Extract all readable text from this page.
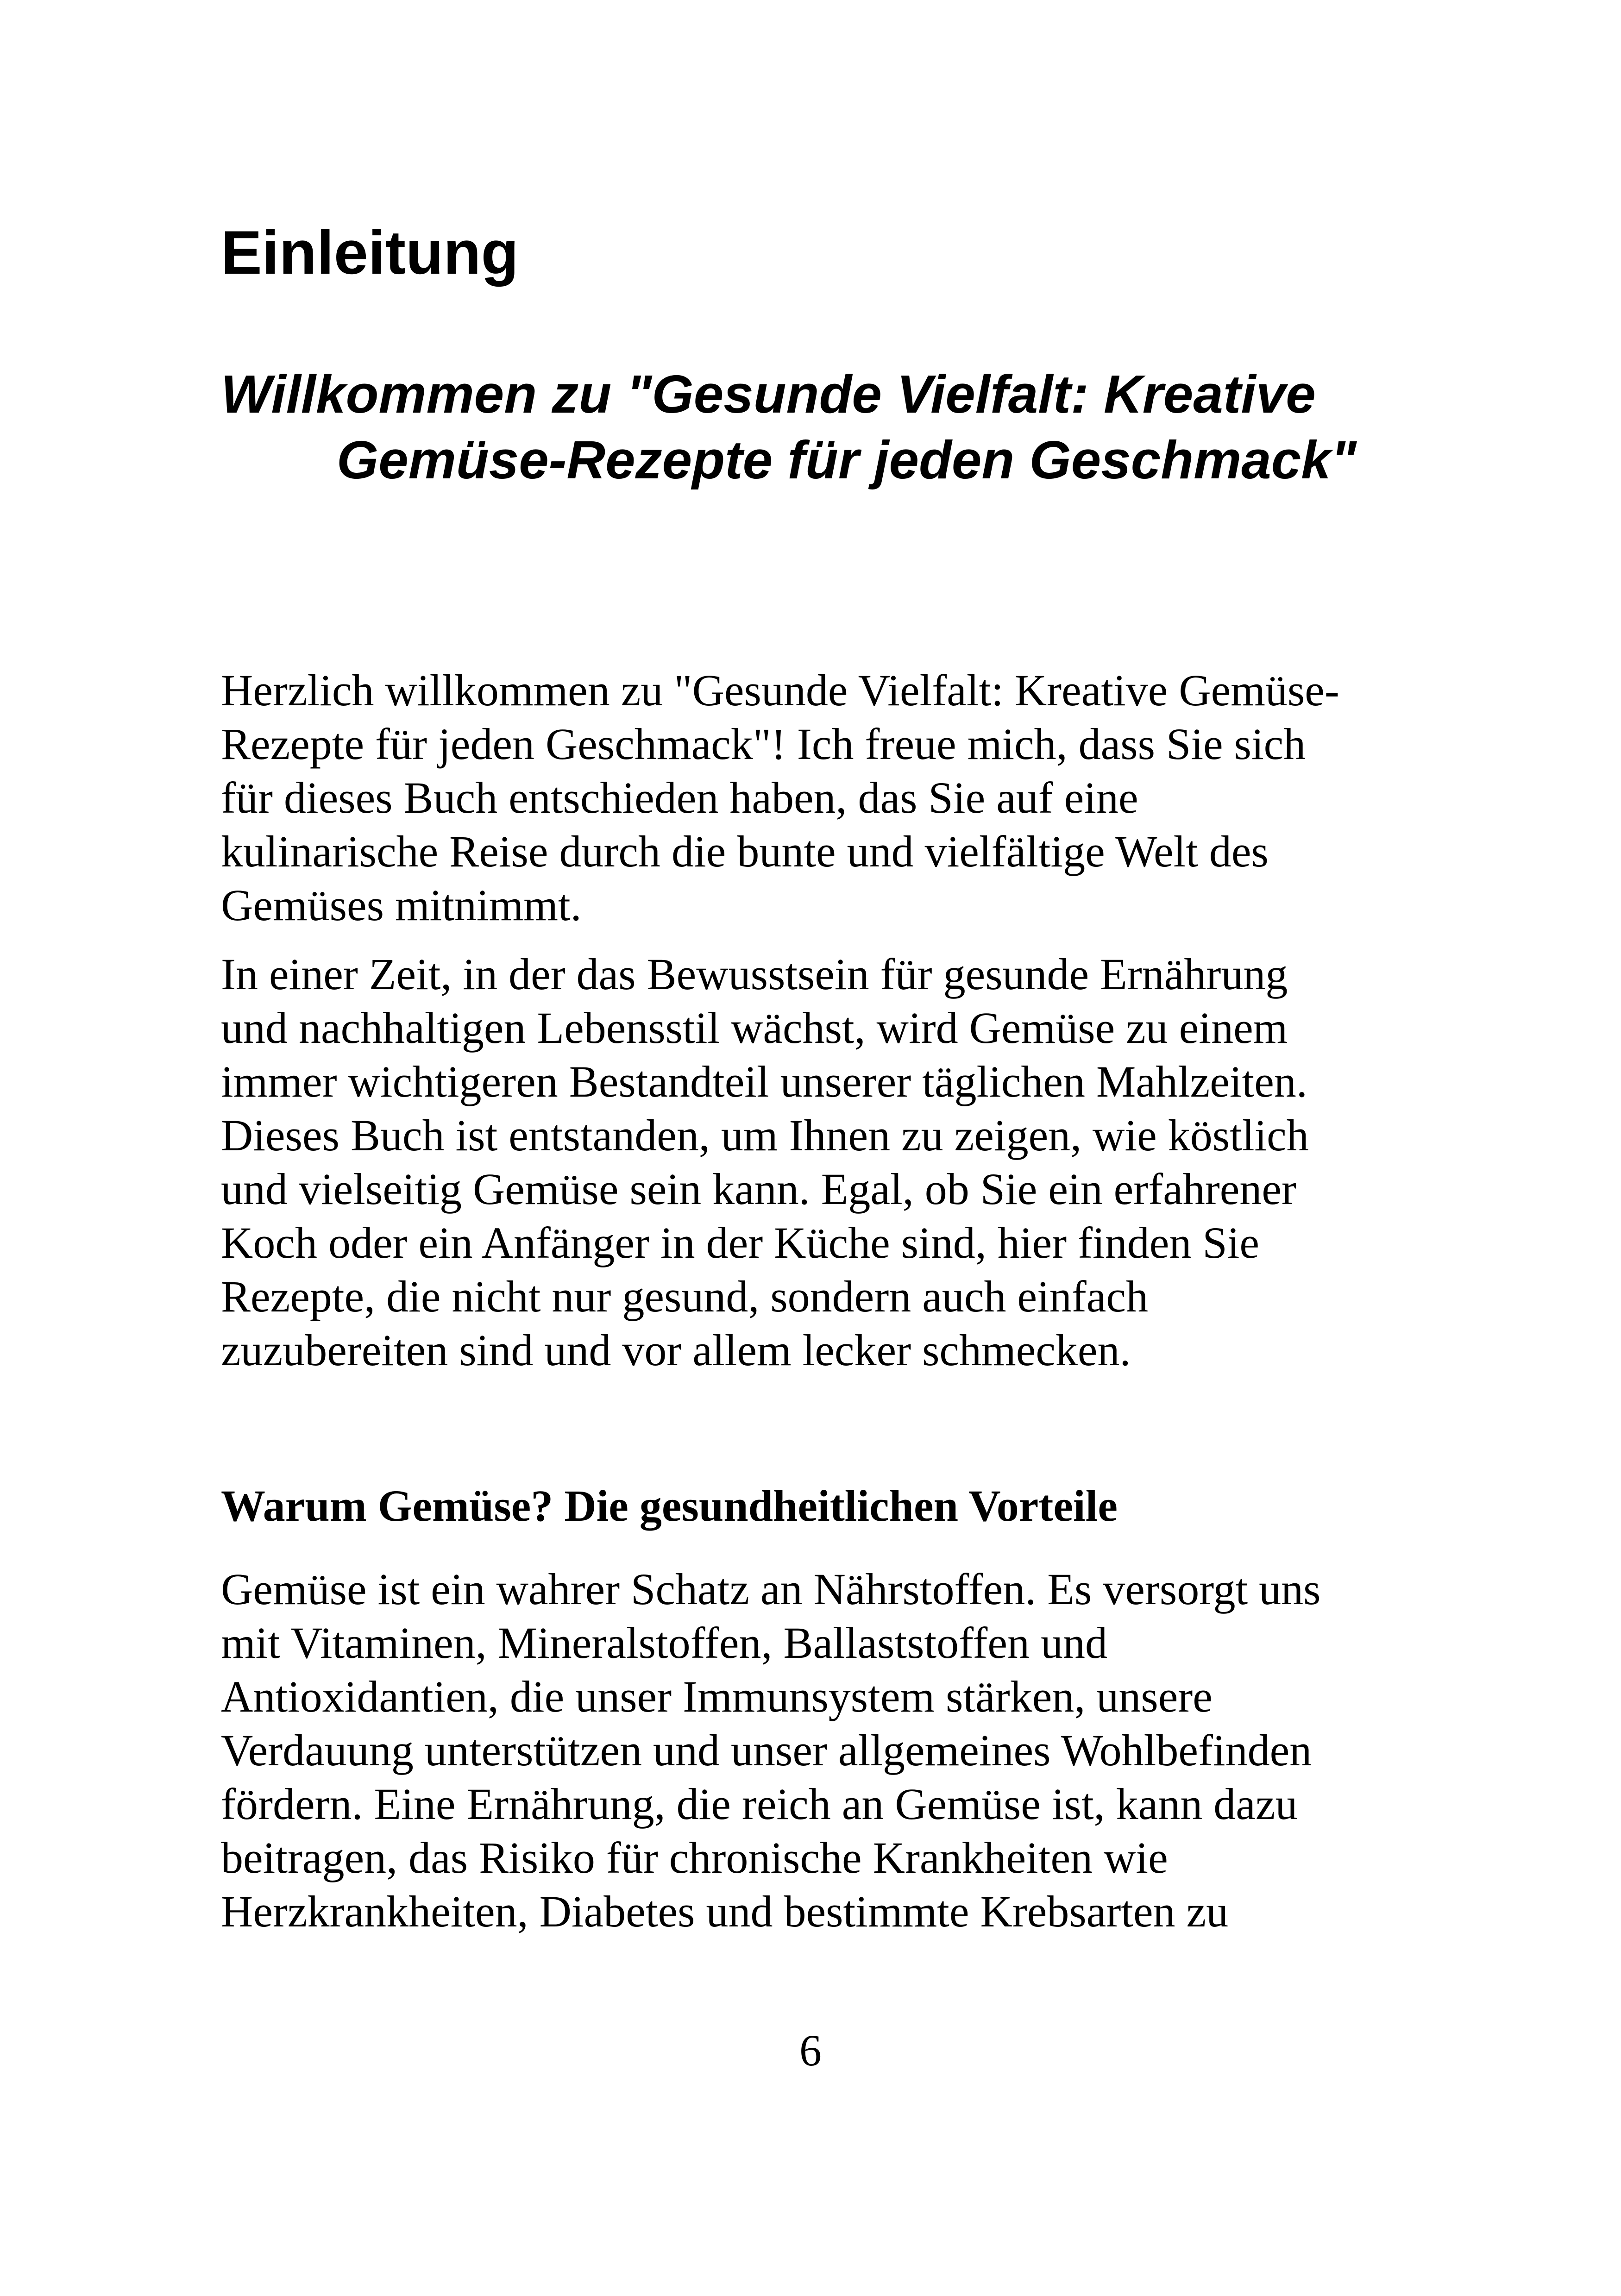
Einleitung
Willkommen zu "Gesunde Vielfalt: Kreative
Gemüse-Rezepte für jeden Geschmack"

Herzlich willkommen zu "Gesunde Vielfalt: Kreative Gemüse-
Rezepte für jeden Geschmack"! Ich freue mich, dass Sie sich
für dieses Buch entschieden haben, das Sie auf eine
kulinarische Reise durch die bunte und vielfältige Welt des
Gemüses mitnimmt.

In einer Zeit, in der das Bewusstsein für gesunde Ernährung
und nachhaltigen Lebensstil wächst, wird Gemüse zu einem
immer wichtigeren Bestandteil unserer täglichen Mahlzeiten.
Dieses Buch ist entstanden, um Ihnen zu zeigen, wie köstlich
und vielseitig Gemüse sein kann. Egal, ob Sie ein erfahrener
Koch oder ein Anfänger in der Küche sind, hier finden Sie
Rezepte, die nicht nur gesund, sondern auch einfach
zuzubereiten sind und vor allem lecker schmecken.

Warum Gemüse? Die gesundheitlichen Vorteile

Gemüse ist ein wahrer Schatz an Nährstoffen. Es versorgt uns
mit Vitaminen, Mineralstoffen, Ballaststoffen und
Antioxidantien, die unser Immunsystem stärken, unsere
Verdauung unterstützen und unser allgemeines Wohlbefinden
fördern. Eine Ernährung, die reich an Gemüse ist, kann dazu
beitragen, das Risiko für chronische Krankheiten wie
Herzkrankheiten, Diabetes und bestimmte Krebsarten zu

6
